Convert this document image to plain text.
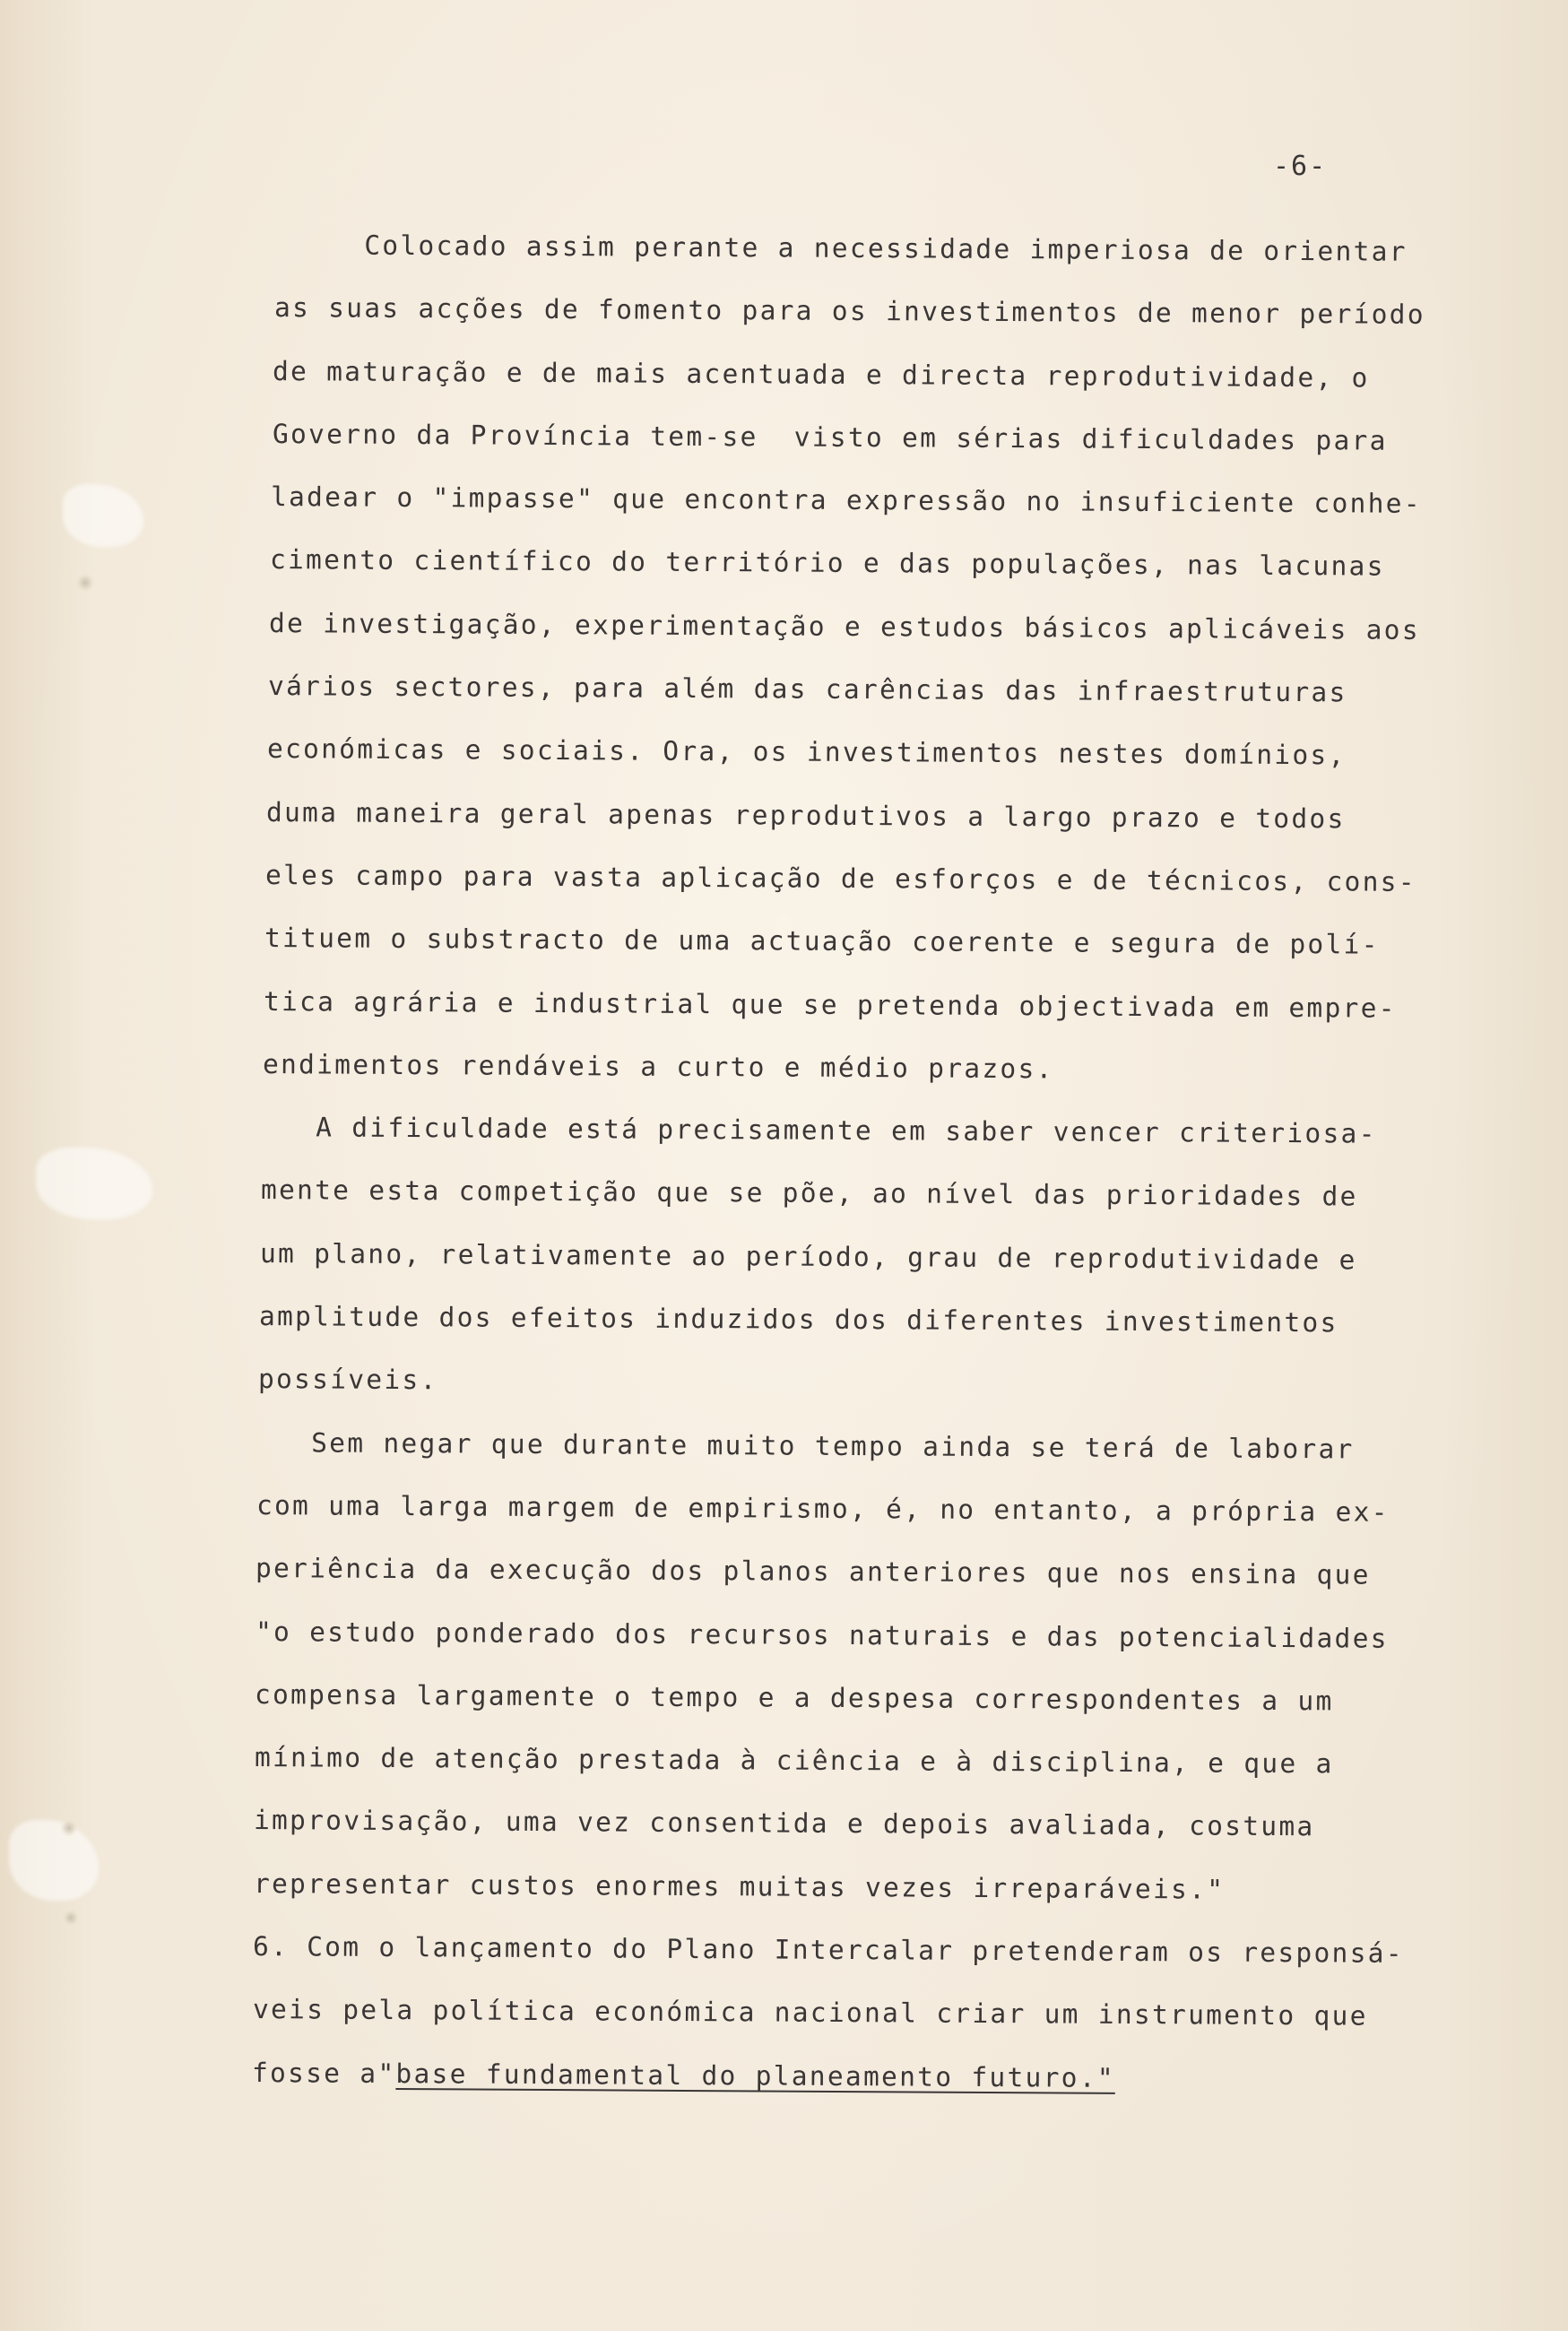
-6-
Colocado assim perante a necessidade imperiosa de orientar
as suas acções de fomento para os investimentos de menor período
de maturação e de mais acentuada e directa reprodutividade, o
Governo da Província tem-se  visto em sérias dificuldades para
ladear o "impasse" que encontra expressão no insuficiente conhe-
cimento científico do território e das populações, nas lacunas
de investigação, experimentação e estudos básicos aplicáveis aos
vários sectores, para além das carências das infraestruturas
económicas e sociais. Ora, os investimentos nestes domínios,
duma maneira geral apenas reprodutivos a largo prazo e todos
eles campo para vasta aplicação de esforços e de técnicos, cons-
tituem o substracto de uma actuação coerente e segura de polí-
tica agrária e industrial que se pretenda objectivada em empre-
endimentos rendáveis a curto e médio prazos.
A dificuldade está precisamente em saber vencer criteriosa-
mente esta competição que se põe, ao nível das prioridades de
um plano, relativamente ao período, grau de reprodutividade e
amplitude dos efeitos induzidos dos diferentes investimentos
possíveis.
Sem negar que durante muito tempo ainda se terá de laborar
com uma larga margem de empirismo, é, no entanto, a própria ex-
periência da execução dos planos anteriores que nos ensina que
"o estudo ponderado dos recursos naturais e das potencialidades
compensa largamente o tempo e a despesa correspondentes a um
mínimo de atenção prestada à ciência e à disciplina, e que a
improvisação, uma vez consentida e depois avaliada, costuma
representar custos enormes muitas vezes irreparáveis."
6. Com o lançamento do Plano Intercalar pretenderam os responsá-
veis pela política económica nacional criar um instrumento que
fosse a"base fundamental do planeamento futuro."
